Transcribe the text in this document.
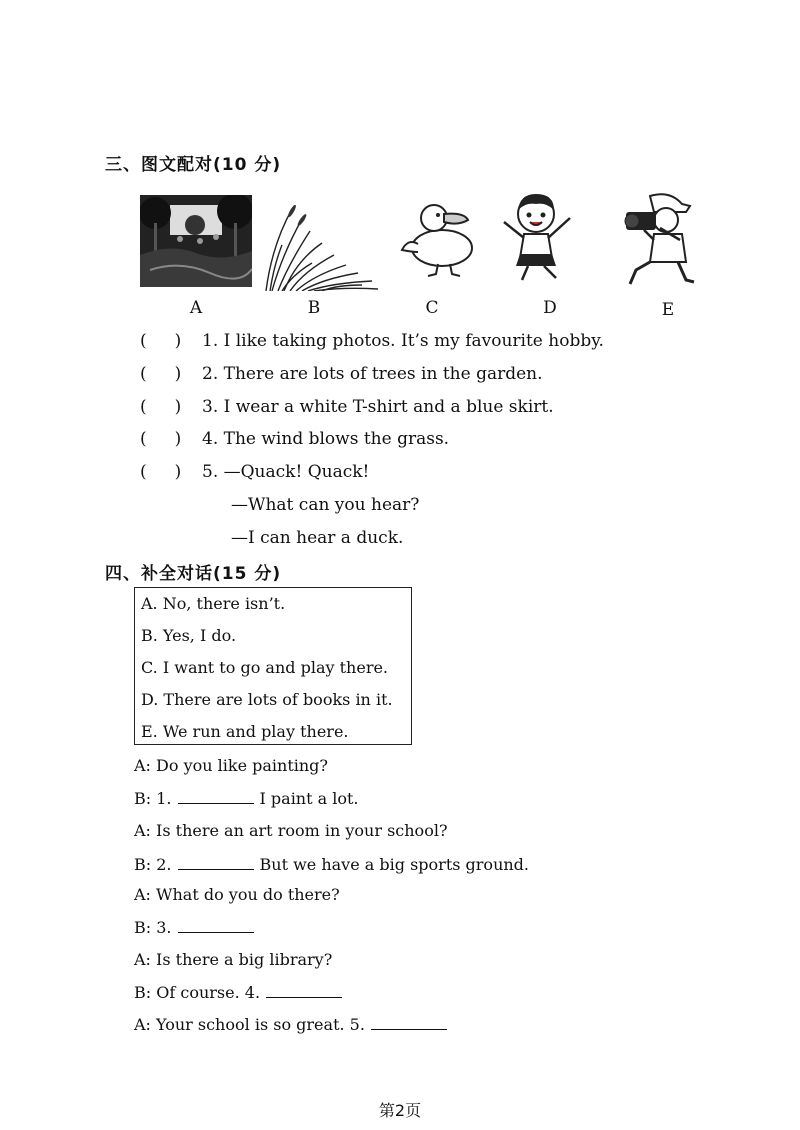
三、图文配对(10 分)
A	B	C	D	E
( ) 1. I like taking photos. It’s my favourite hobby.
( ) 2. There are lots of trees in the garden.
( ) 3. I wear a white T-shirt and a blue skirt.
( ) 4. The wind blows the grass.
( ) 5. —Quack! Quack!
—What can you hear?
—I can hear a duck.
四、补全对话(15 分)
A. No, there isn’t.
B. Yes, I do.
C. I want to go and play there.
D. There are lots of books in it.
E. We run and play there.
A: Do you like painting?
B: 1.	I paint a lot.
A: Is there an art room in your school?
B: 2.	But we have a big sports ground.
A: What do you do there?
B: 3.
A: Is there a big library?
B: Of course. 4.
A: Your school is so great. 5.
第2页
